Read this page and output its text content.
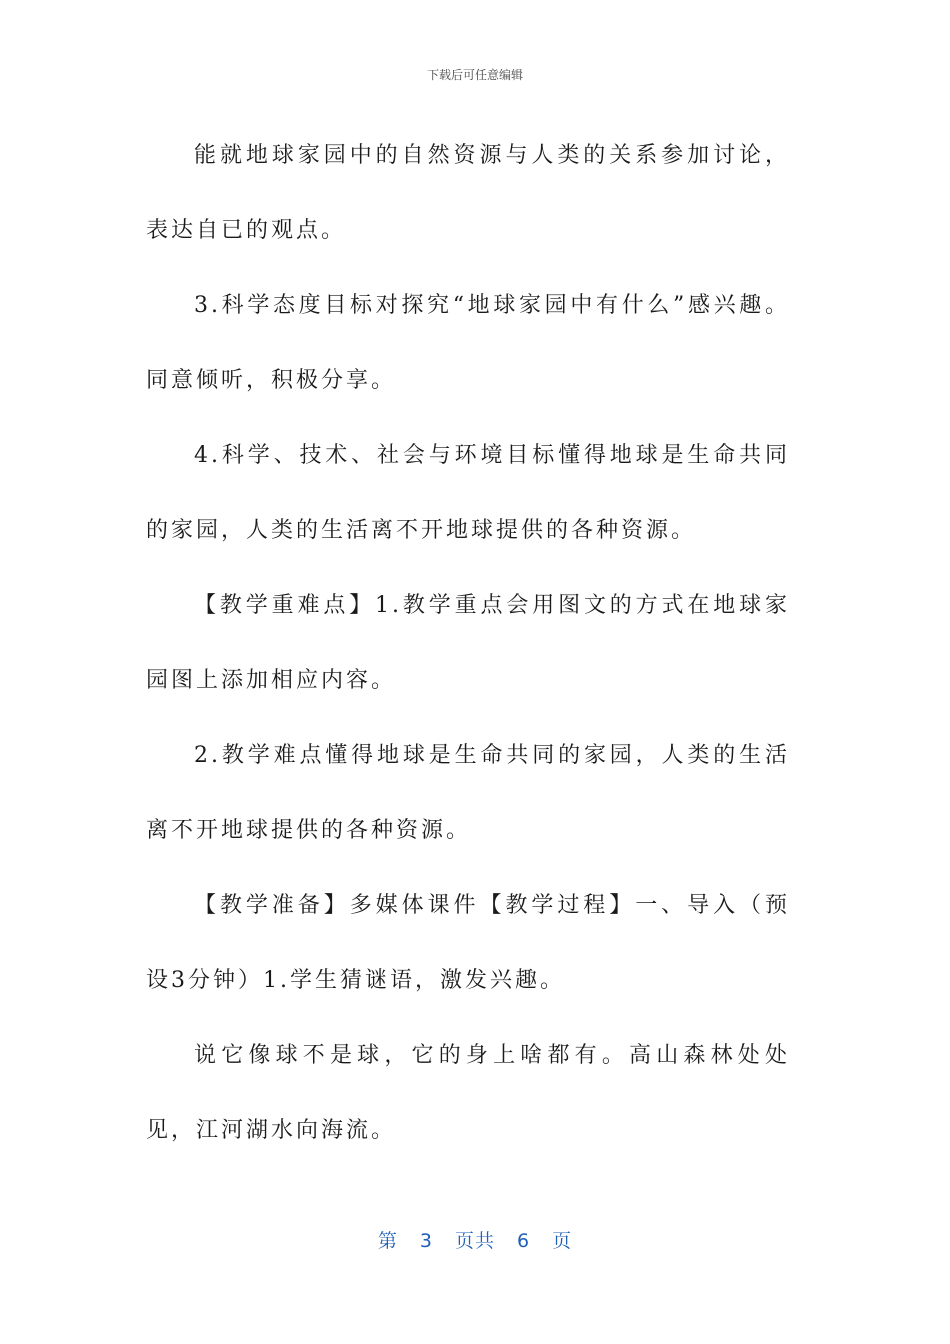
下载后可任意编辑

能就地球家园中的自然资源与人类的关系参加讨论，表达自已的观点。

3.科学态度目标对探究“地球家园中有什么”感兴趣。同意倾听，积极分享。

4.科学、技术、社会与环境目标懂得地球是生命共同的家园，人类的生活离不开地球提供的各种资源。

【教学重难点】1.教学重点会用图文的方式在地球家园图上添加相应内容。

2.教学难点懂得地球是生命共同的家园，人类的生活离不开地球提供的各种资源。

【教学准备】多媒体课件【教学过程】一、导入（预设3分钟）1.学生猜谜语，激发兴趣。

说它像球不是球，它的身上啥都有。高山森林处处见，江河湖水向海流。

第 3 页共 6 页
